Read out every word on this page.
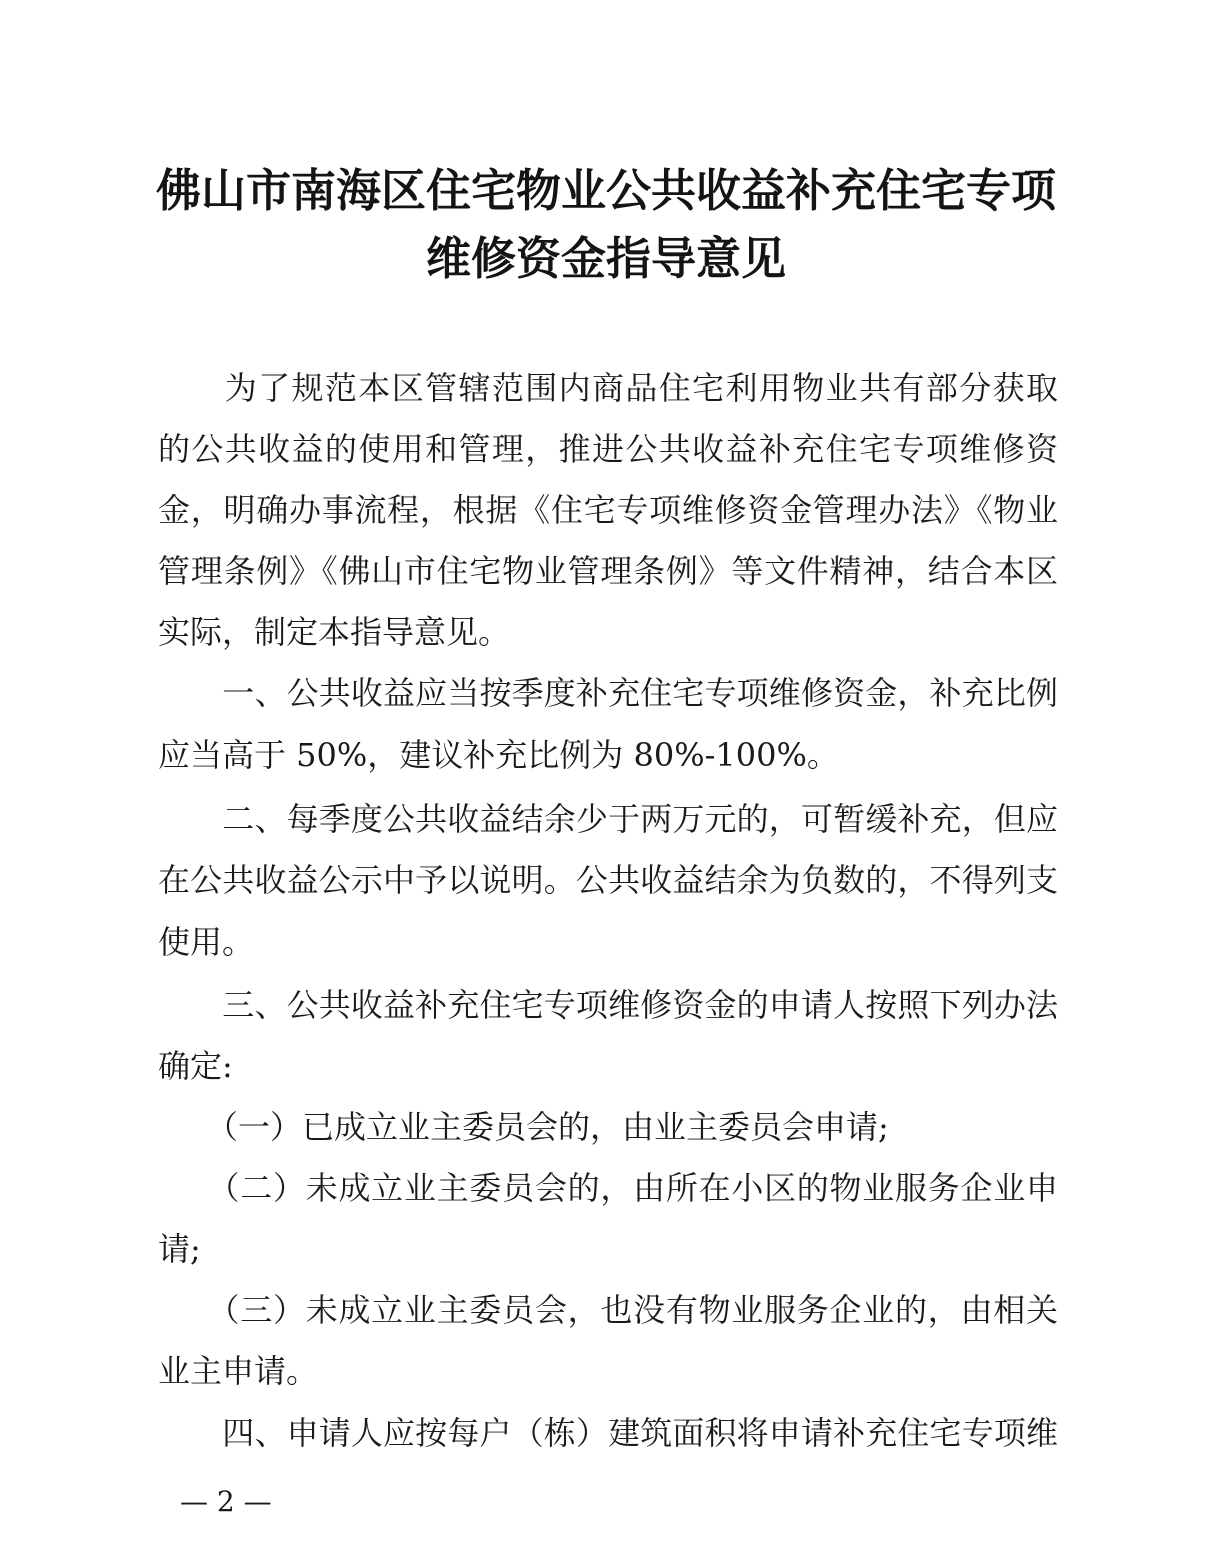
佛山市南海区住宅物业公共收益补充住宅专项
维修资金指导意见
　　为了规范本区管辖范围内商品住宅利用物业共有部分获取
的公共收益的使用和管理，推进公共收益补充住宅专项维修资
金，明确办事流程，根据《住宅专项维修资金管理办法》《物业
管理条例》《佛山市住宅物业管理条例》等文件精神，结合本区
实际，制定本指导意见。
　　一、公共收益应当按季度补充住宅专项维修资金，补充比例
应当高于 50%，建议补充比例为 80%-100%。
　　二、每季度公共收益结余少于两万元的，可暂缓补充，但应
在公共收益公示中予以说明。公共收益结余为负数的，不得列支
使用。
　　三、公共收益补充住宅专项维修资金的申请人按照下列办法
确定:
　　（一）已成立业主委员会的，由业主委员会申请;
　　（二）未成立业主委员会的，由所在小区的物业服务企业申
请;
　　（三）未成立业主委员会，也没有物业服务企业的，由相关
业主申请。
　　四、申请人应按每户（栋）建筑面积将申请补充住宅专项维
— 2 —
